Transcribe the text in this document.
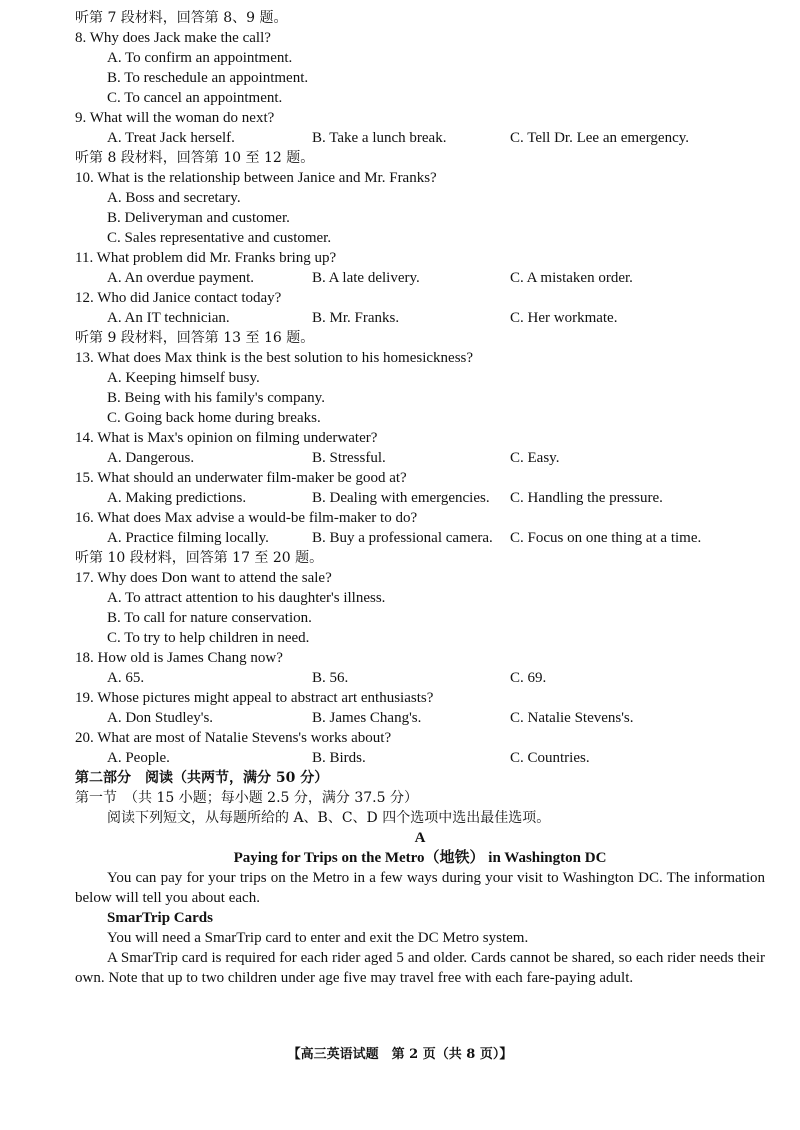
听第 7 段材料，回答第 8、9 题。
8. Why does Jack make the call?
A. To confirm an appointment.
B. To reschedule an appointment.
C. To cancel an appointment.
9. What will the woman do next?
A. Treat Jack herself.	B. Take a lunch break.	C. Tell Dr. Lee an emergency.
听第 8 段材料，回答第 10 至 12 题。
10. What is the relationship between Janice and Mr. Franks?
A. Boss and secretary.
B. Deliveryman and customer.
C. Sales representative and customer.
11. What problem did Mr. Franks bring up?
A. An overdue payment.	B. A late delivery.	C. A mistaken order.
12. Who did Janice contact today?
A. An IT technician.	B. Mr. Franks.	C. Her workmate.
听第 9 段材料，回答第 13 至 16 题。
13. What does Max think is the best solution to his homesickness?
A. Keeping himself busy.
B. Being with his family's company.
C. Going back home during breaks.
14. What is Max's opinion on filming underwater?
A. Dangerous.	B. Stressful.	C. Easy.
15. What should an underwater film-maker be good at?
A. Making predictions.	B. Dealing with emergencies. C. Handling the pressure.
16. What does Max advise a would-be film-maker to do?
A. Practice filming locally.	B. Buy a professional camera. C. Focus on one thing at a time.
听第 10 段材料，回答第 17 至 20 题。
17. Why does Don want to attend the sale?
A. To attract attention to his daughter's illness.
B. To call for nature conservation.
C. To try to help children in need.
18. How old is James Chang now?
A. 65.	B. 56.	C. 69.
19. Whose pictures might appeal to abstract art enthusiasts?
A. Don Studley's.	B. James Chang's.	C. Natalie Stevens's.
20. What are most of Natalie Stevens's works about?
A. People.	B. Birds.	C. Countries.
第二部分　阅读（共两节，满分 50 分）
第一节　（共 15 小题；每小题 2.5 分，满分 37.5 分）
阅读下列短文，从每题所给的 A、B、C、D 四个选项中选出最佳选项。
A
Paying for Trips on the Metro（地铁） in Washington DC
You can pay for your trips on the Metro in a few ways during your visit to Washington DC. The information below will tell you about each.
SmarTrip Cards
You will need a SmarTrip card to enter and exit the DC Metro system.
A SmarTrip card is required for each rider aged 5 and older. Cards cannot be shared, so each rider needs their own. Note that up to two children under age five may travel free with each fare-paying adult.
【高三英语试题　第 2 页（共 8 页）】
